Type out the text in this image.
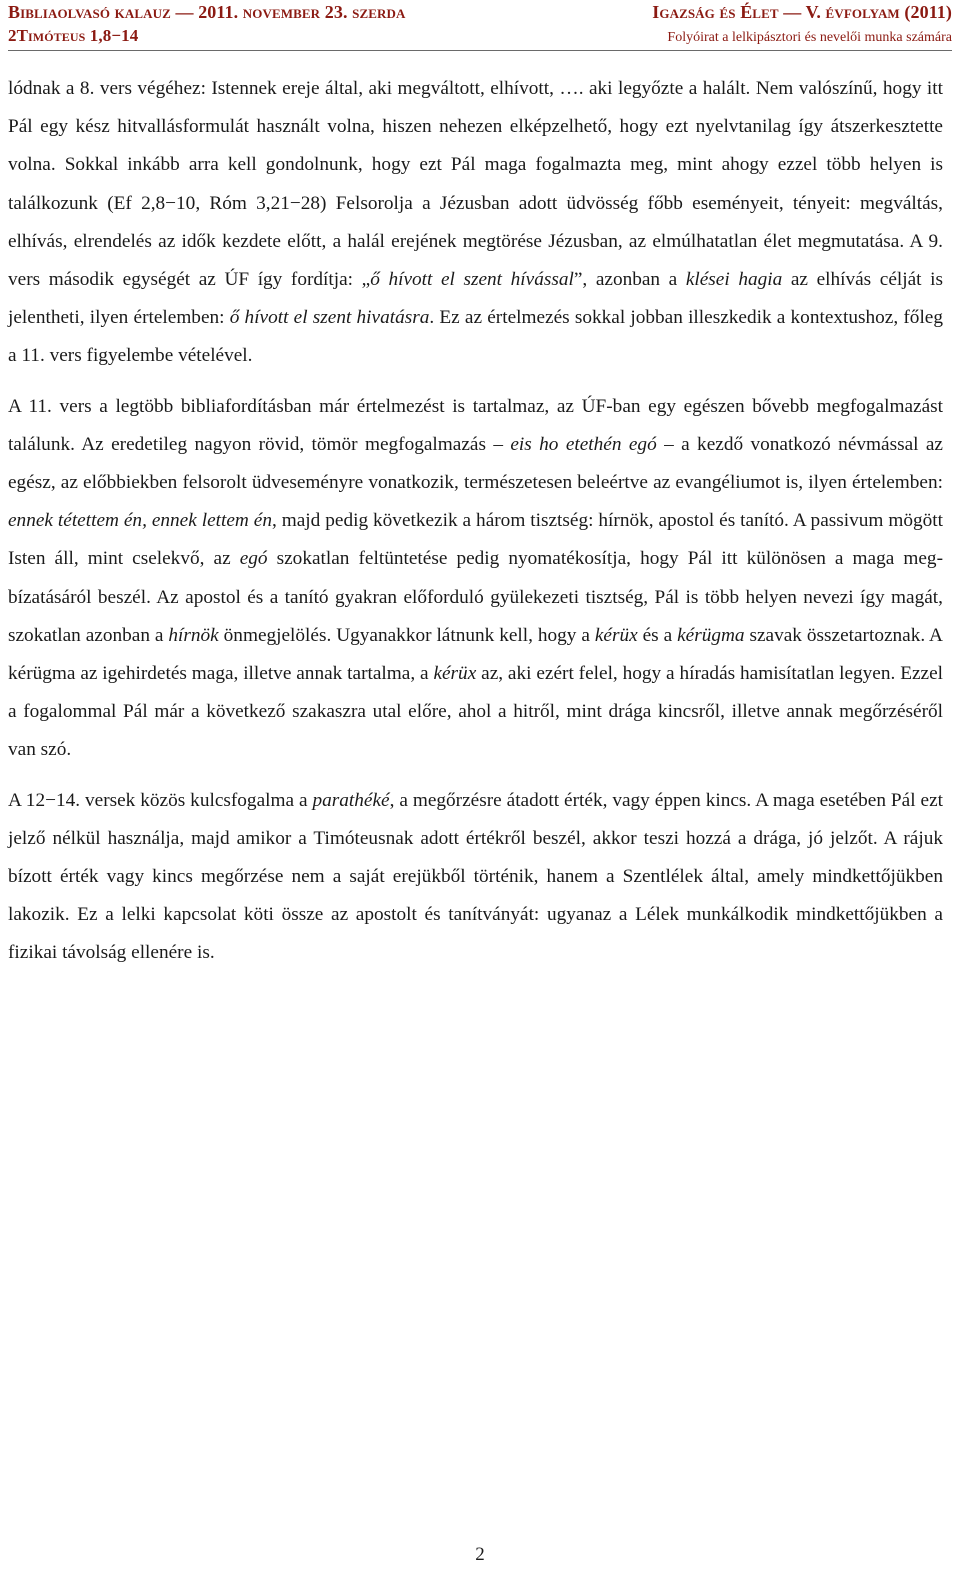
Bibliaolvasó kalauz — 2011. november 23. szerda	Igazság és Élet — V. évfolyam (2011)
2Timóteus 1,8−14	Folyóirat a lelkipásztori és nevelői munka számára

lódnak a 8. vers végéhez: Istennek ereje által, aki megváltott, elhívott, …. aki legyőzte a halált. Nem valószínű, hogy itt Pál egy kész hitvallásformulát használt volna, hiszen nehezen elképzelhető, hogy ezt nyelvtanilag így átszerkesztette volna. Sokkal inkább arra kell gondolnunk, hogy ezt Pál maga fogalmazta meg, mint ahogy ezzel több helyen is találkozunk (Ef 2,8−10, Róm 3,21−28) Felsorolja a Jézusban adott üdvösség főbb eseményeit, tényeit: megváltás, elhívás, elrendelés az idők kezdete előtt, a halál erejének megtörése Jézusban, az elmúlhatatlan élet megmutatása. A 9. vers második egységét az ÚF így fordítja: „ő hívott el szent hívással”, azonban a klései hagia az elhívás célját is jelentheti, ilyen értelemben: ő hívott el szent hivatásra. Ez az értelmezés sokkal jobban illeszkedik a kontextushoz, főleg a 11. vers figyelembe vételével.

A 11. vers a legtöbb bibliafordításban már értelmezést is tartalmaz, az ÚF-ban egy egészen bővebb megfogalmazást találunk. Az eredetileg nagyon rövid, tömör megfogalmazás – eis ho etethén egó – a kezdő vonatkozó névmással az egész, az előbbiekben felsorolt üdveseményre vonatkozik, természetesen beleértve az evangéliumot is, ilyen értelemben: ennek tétettem én, ennek lettem én, majd pedig következik a három tisztség: hírnök, apostol és tanító. A passivum mögött Isten áll, mint cselekvő, az egó szokatlan feltüntetése pedig nyomatékosítja, hogy Pál itt különösen a maga megbízatásáról beszél. Az apostol és a tanító gyakran előforduló gyülekezeti tisztség, Pál is több helyen nevezi így magát, szokatlan azonban a hírnök önmegjelölés. Ugyanakkor látnunk kell, hogy a kérüx és a kérügma szavak összetartoznak. A kérügma az igehirdetés maga, illetve annak tartalma, a kérüx az, aki ezért felel, hogy a híradás hamisítatlan legyen. Ezzel a fogalommal Pál már a következő szakaszra utal előre, ahol a hitről, mint drága kincsről, illetve annak megőrzéséről van szó.

A 12−14. versek közös kulcsfogalma a parathéké, a megőrzésre átadott érték, vagy éppen kincs. A maga esetében Pál ezt jelző nélkül használja, majd amikor a Timóteusnak adott értékről beszél, akkor teszi hozzá a drága, jó jelzőt. A rájuk bízott érték vagy kincs megőrzése nem a saját erejükből történik, hanem a Szentlélek által, amely mindkettőjükben lakozik. Ez a lelki kapcsolat köti össze az apostolt és tanítványát: ugyanaz a Lélek munkálkodik mindkettőjükben a fizikai távolság ellenére is.

2
